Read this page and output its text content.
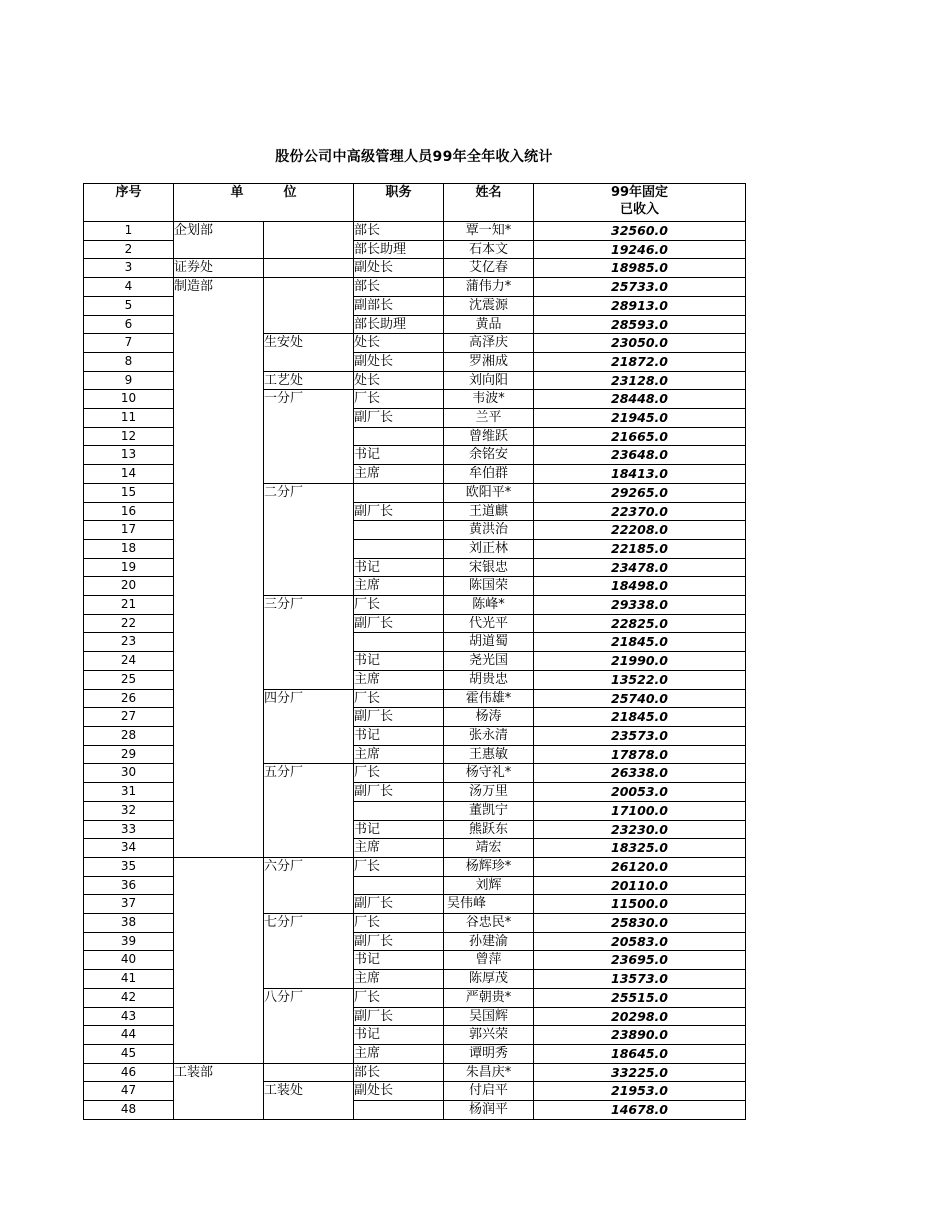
股份公司中高级管理人员99年全年收入统计
序号	单 位		职务	姓名	99年固定
已收入

1	企划部		部长	覃一知*	32560.0
2			部长助理	石本文	19246.0
3	证券处		副处长	艾亿春	18985.0
4	制造部		部长	蒲伟力*	25733.0
5			副部长	沈震源	28913.0
6			部长助理	黄品	28593.0
7		生安处	处长	高泽庆	23050.0
8			副处长	罗湘成	21872.0
9		工艺处	处长	刘向阳	23128.0
10		一分厂	厂长	韦波*	28448.0
11			副厂长	兰平	21945.0
12				曾维跃	21665.0
13			书记	余铭安	23648.0
14			主席	牟伯群	18413.0
15		二分厂		欧阳平*	29265.0
16			副厂长	王道麒	22370.0
17				黄洪治	22208.0
18				刘正林	22185.0
19			书记	宋银忠	23478.0
20			主席	陈国荣	18498.0
21		三分厂	厂长	陈峰*	29338.0
22			副厂长	代光平	22825.0
23				胡道蜀	21845.0
24			书记	尧光国	21990.0
25			主席	胡贵忠	13522.0
26		四分厂	厂长	霍伟雄*	25740.0
27			副厂长	杨涛	21845.0
28			书记	张永清	23573.0
29			主席	王惠敏	17878.0
30		五分厂	厂长	杨守礼*	26338.0
31			副厂长	汤万里	20053.0
32				董凯宁	17100.0
33			书记	熊跃东	23230.0
34			主席	靖宏	18325.0
35		六分厂	厂长	杨辉珍*	26120.0
36				刘辉	20110.0
37			副厂长	吴伟峰	11500.0
38		七分厂	厂长	谷忠民*	25830.0
39			副厂长	孙建渝	20583.0
40			书记	曾萍	23695.0
41			主席	陈厚茂	13573.0
42		八分厂	厂长	严朝贵*	25515.0
43			副厂长	吴国辉	20298.0
44			书记	郭兴荣	23890.0
45			主席	谭明秀	18645.0
46	工装部		部长	朱昌庆*	33225.0
47		工装处	副处长	付启平	21953.0
48				杨润平	14678.0
